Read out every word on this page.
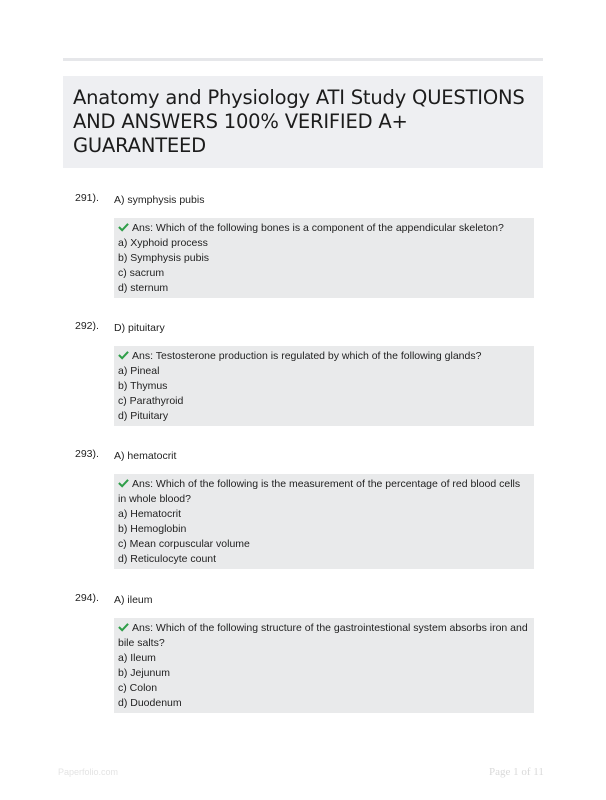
Anatomy and Physiology ATI Study QUESTIONS AND ANSWERS 100% VERIFIED A+ GUARANTEED
291). A) symphysis pubis
Ans: Which of the following bones is a component of the appendicular skeleton?
a) Xyphoid process
b) Symphysis pubis
c) sacrum
d) sternum
292). D) pituitary
Ans: Testosterone production is regulated by which of the following glands?
a) Pineal
b) Thymus
c) Parathyroid
d) Pituitary
293). A) hematocrit
Ans: Which of the following is the measurement of the percentage of red blood cells in whole blood?
a) Hematocrit
b) Hemoglobin
c) Mean corpuscular volume
d) Reticulocyte count
294). A) ileum
Ans: Which of the following structure of the gastrointestional system absorbs iron and bile salts?
a) Ileum
b) Jejunum
c) Colon
d) Duodenum
Paperfolio.com	Page 1 of 11
